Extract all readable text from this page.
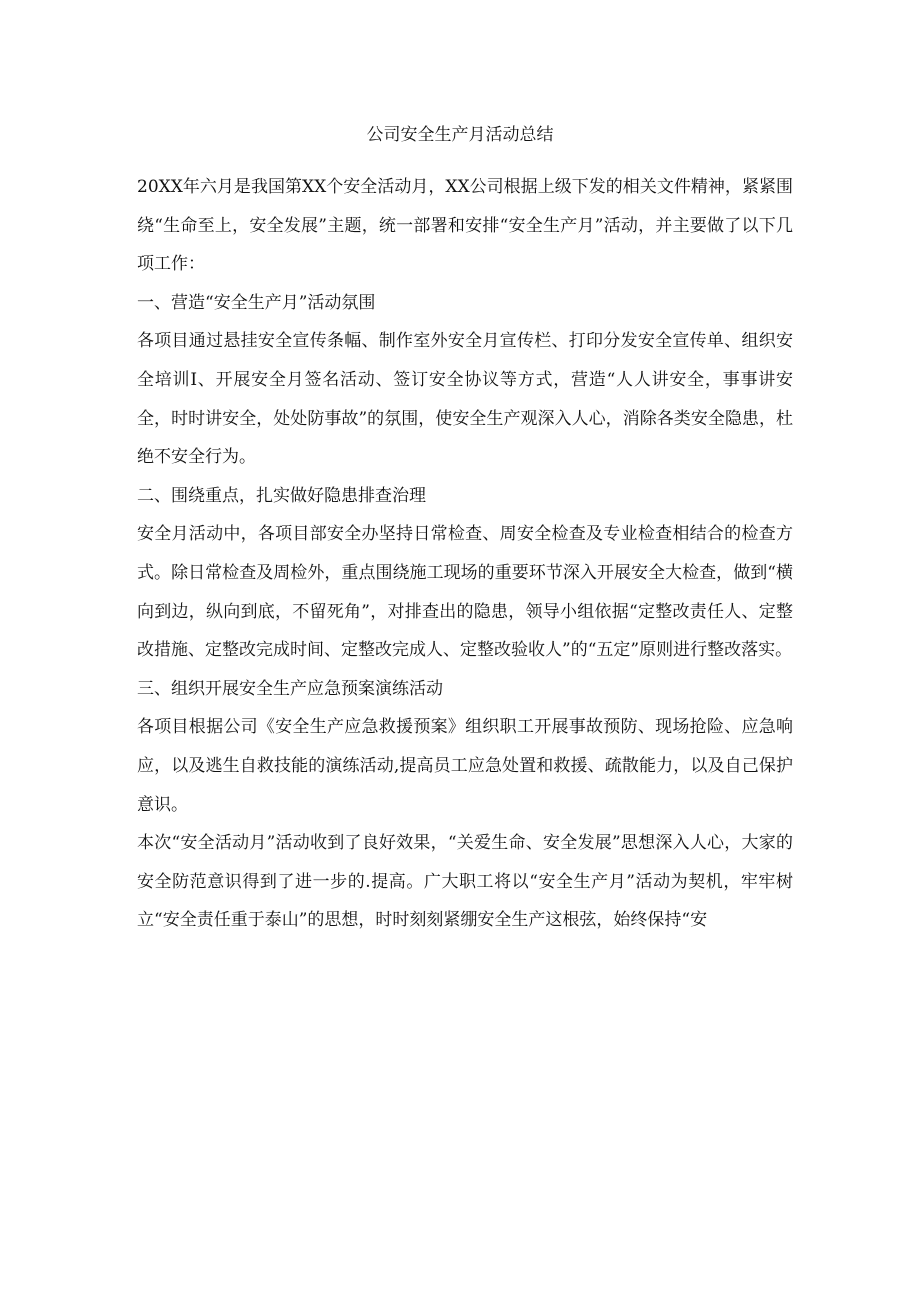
公司安全生产月活动总结

20XX年六月是我国第XX个安全活动月，XX公司根据上级下发的相关文件精神，紧紧围绕“生命至上，安全发展”主题，统一部署和安排“安全生产月”活动，并主要做了以下几项工作：

一、营造“安全生产月”活动氛围

各项目通过悬挂安全宣传条幅、制作室外安全月宣传栏、打印分发安全宣传单、组织安全培训I、开展安全月签名活动、签订安全协议等方式，营造“人人讲安全，事事讲安全，时时讲安全，处处防事故”的氛围，使安全生产观深入人心，消除各类安全隐患，杜绝不安全行为。

二、围绕重点，扎实做好隐患排查治理

安全月活动中，各项目部安全办坚持日常检查、周安全检查及专业检查相结合的检查方式。除日常检查及周检外，重点围绕施工现场的重要环节深入开展安全大检查，做到“横向到边，纵向到底，不留死角”，对排查出的隐患，领导小组依据“定整改责任人、定整改措施、定整改完成时间、定整改完成人、定整改验收人”的“五定”原则进行整改落实。

三、组织开展安全生产应急预案演练活动

各项目根据公司《安全生产应急救援预案》组织职工开展事故预防、现场抢险、应急响应，以及逃生自救技能的演练活动,提高员工应急处置和救援、疏散能力，以及自己保护意识。

本次“安全活动月”活动收到了良好效果，“关爱生命、安全发展”思想深入人心，大家的安全防范意识得到了进一步的.提高。广大职工将以“安全生产月”活动为契机，牢牢树立“安全责任重于泰山”的思想，时时刻刻紧绷安全生产这根弦，始终保持“安
